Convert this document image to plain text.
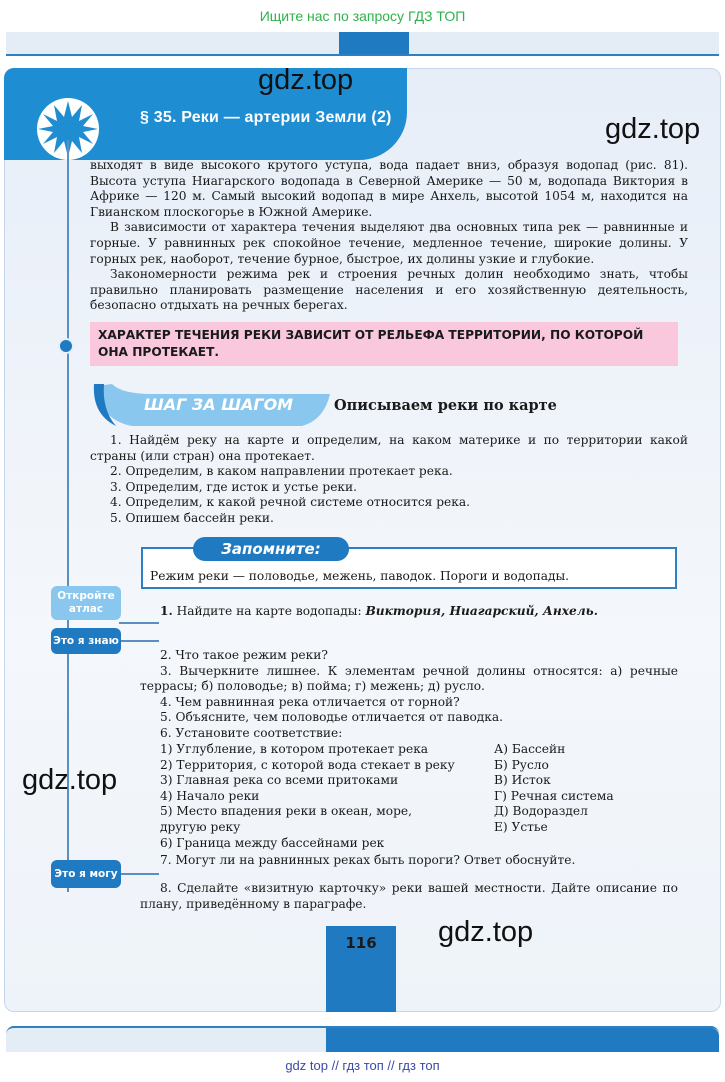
Ищите нас по запросу ГДЗ ТОП
§ 35. Реки — артерии Земли (2)

выходят в виде высокого крутого уступа, вода падает вниз, образуя водопад (рис. 81). Высота уступа Ниагарского водопада в Северной Америке — 50 м, водопада Виктория в Африке — 120 м. Самый высокий водопад в мире Анхель, высотой 1054 м, находится на Гвианском плоскогорье в Южной Америке.

В зависимости от характера течения выделяют два основных типа рек — равнинные и горные. У равнинных рек спокойное течение, медленное течение, широкие долины. У горных рек, наоборот, течение бурное, быстрое, их долины узкие и глубокие.

Закономерности режима рек и строения речных долин необходимо знать, чтобы правильно планировать размещение населения и его хозяйственную деятельность, безопасно отдыхать на речных берегах.

ХАРАКТЕР ТЕЧЕНИЯ РЕКИ ЗАВИСИТ ОТ РЕЛЬЕФА ТЕРРИТОРИИ, ПО КОТОРОЙ ОНА ПРОТЕКАЕТ.
ШАГ ЗА ШАГОМ	Описываем реки по карте

1. Найдём реку на карте и определим, на каком материке и по территории какой страны (или стран) она протекает.

2. Определим, в каком направлении протекает река.

3. Определим, где исток и устье реки.

4. Определим, к какой речной системе относится река.

5. Опишем бассейн реки.

Запомните:
Режим реки — половодье, межень, паводок. Пороги и водопады.
Откройте атлас
Это я знаю
Это я могу
1. Найдите на карте водопады: Виктория, Ниагарский, Анхель.

2. Что такое режим реки?

3. Вычеркните лишнее. К элементам речной долины относятся: а) речные террасы; б) половодье; в) пойма; г) межень; д) русло.

4. Чем равнинная река отличается от горной?

5. Объясните, чем половодье отличается от паводка.

6. Установите соответствие:

1) Углубление, в котором протекает река
2) Территория, с которой вода стекает в реку
3) Главная река со всеми притоками
4) Начало реки
5) Место впадения реки в океан, море,
другую реку
6) Граница между бассейнами рек
А) Бассейн
Б) Русло
В) Исток
Г) Речная система
Д) Водораздел
Е) Устье

7. Могут ли на равнинных реках быть пороги? Ответ обоснуйте.

8. Сделайте «визитную карточку» реки вашей местности. Дайте описание по плану, приведённому в параграфе.

116
gdz top // гдз топ // гдз топ
gdz.top
gdz.top
gdz.top
gdz.top
